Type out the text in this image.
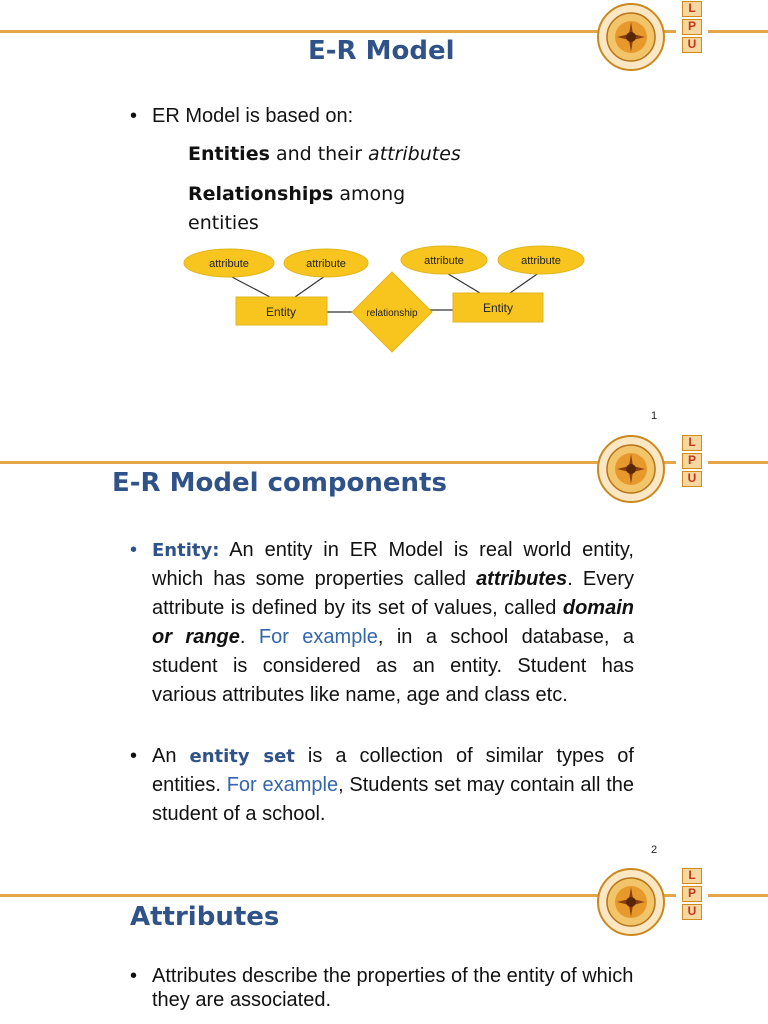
L
P
U
E-R Model
• ER Model is based on:
Entities and their attributes
Relationships among
entities
attribute	attribute	attribute	attribute
Entity	Entity
relationship
1
L
P
U
E-R Model components
• Entity: An entity in ER Model is real world entity, which has some properties called attributes. Every attribute is defined by its set of values, called domain or range. For example, in a school database, a student is considered as an entity. Student has various attributes like name, age and class etc.
• An entity set is a collection of similar types of entities. For example, Students set may contain all the student of a school.
2
L
P
U
Attributes
• Attributes describe the properties of the entity of which they are associated.
